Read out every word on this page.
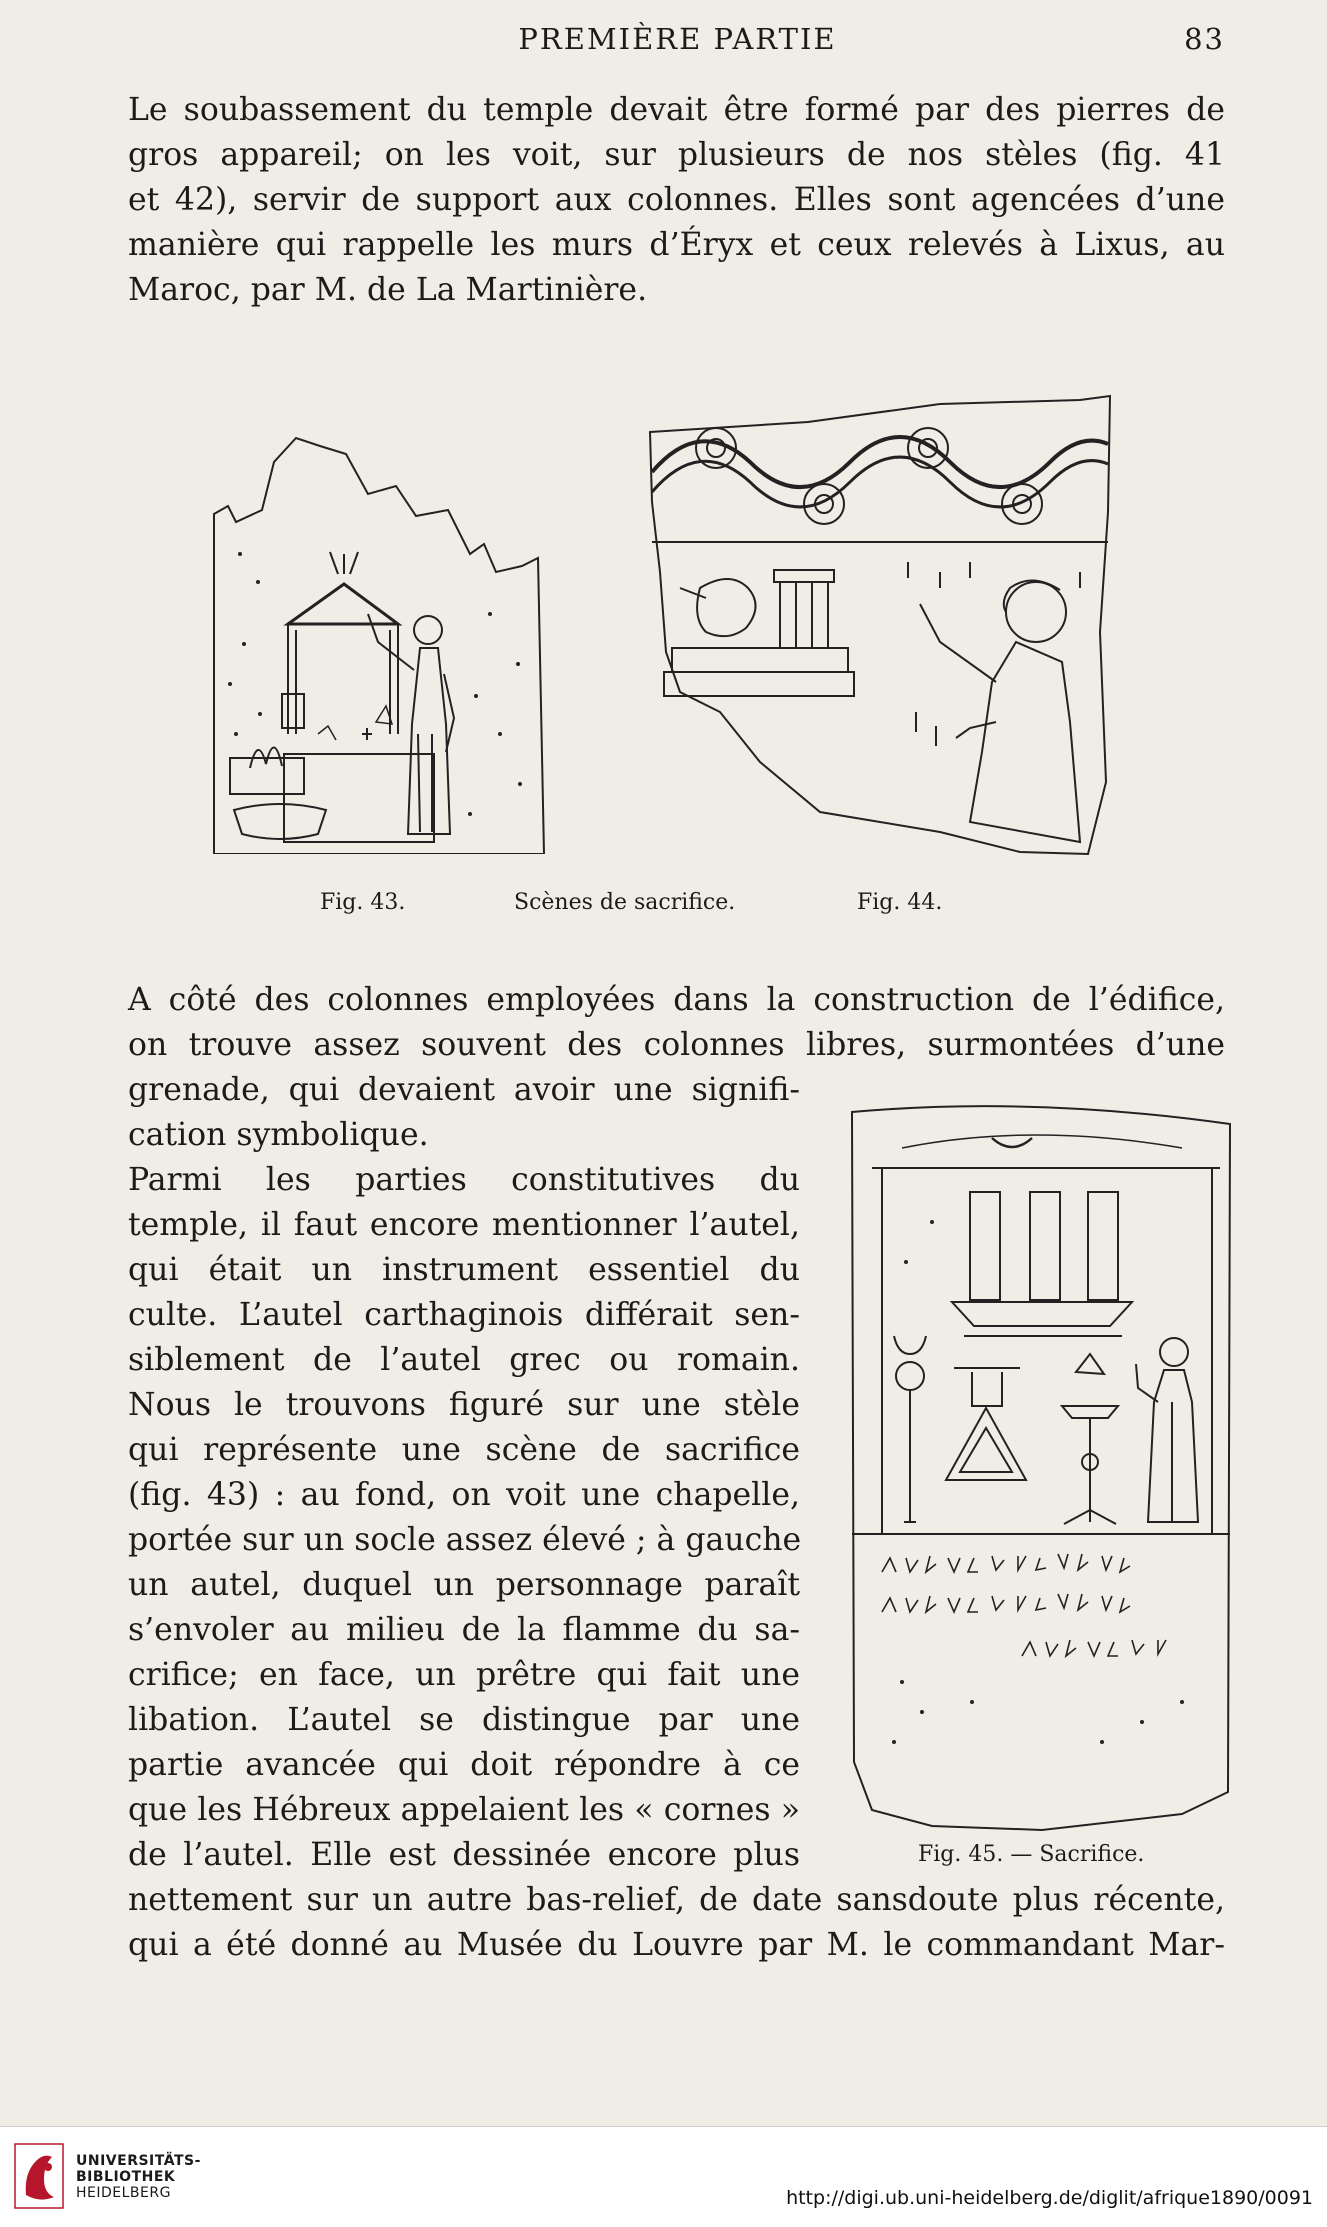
PREMIÈRE PARTIE	83
Le soubassement du temple devait être formé par des pierres de
gros appareil; on les voit, sur plusieurs de nos stèles (fig. 41
et 42), servir de support aux colonnes. Elles sont agencées d’une
manière qui rappelle les murs d’Éryx et ceux relevés à Lixus, au
Maroc, par M. de La Martinière.
Fig. 43.	Scènes de sacrifice.	Fig. 44.
A côté des colonnes employées dans la construction de l’édifice,
on trouve assez souvent des colonnes libres, surmontées d’une
grenade, qui devaient avoir une signifi-
cation symbolique.
Parmi les parties constitutives du
temple, il faut encore mentionner l’autel,
qui était un instrument essentiel du
culte. L’autel carthaginois différait sen-
siblement de l’autel grec ou romain.
Nous le trouvons figuré sur une stèle
qui représente une scène de sacrifice
(fig. 43) : au fond, on voit une chapelle,
portée sur un socle assez élevé ; à gauche
un autel, duquel un personnage paraît
s’envoler au milieu de la flamme du sa-
crifice; en face, un prêtre qui fait une
libation. L’autel se distingue par une
partie avancée qui doit répondre à ce
que les Hébreux appelaient les « cornes »
de l’autel. Elle est dessinée encore plus	Fig. 45. — Sacrifice.
nettement sur un autre bas-relief, de date sansdoute plus récente,
qui a été donné au Musée du Louvre par M. le commandant Mar-
UNIVERSITÄTS-
BIBLIOTHEK
HEIDELBERG	http://digi.ub.uni-heidelberg.de/diglit/afrique1890/0091
